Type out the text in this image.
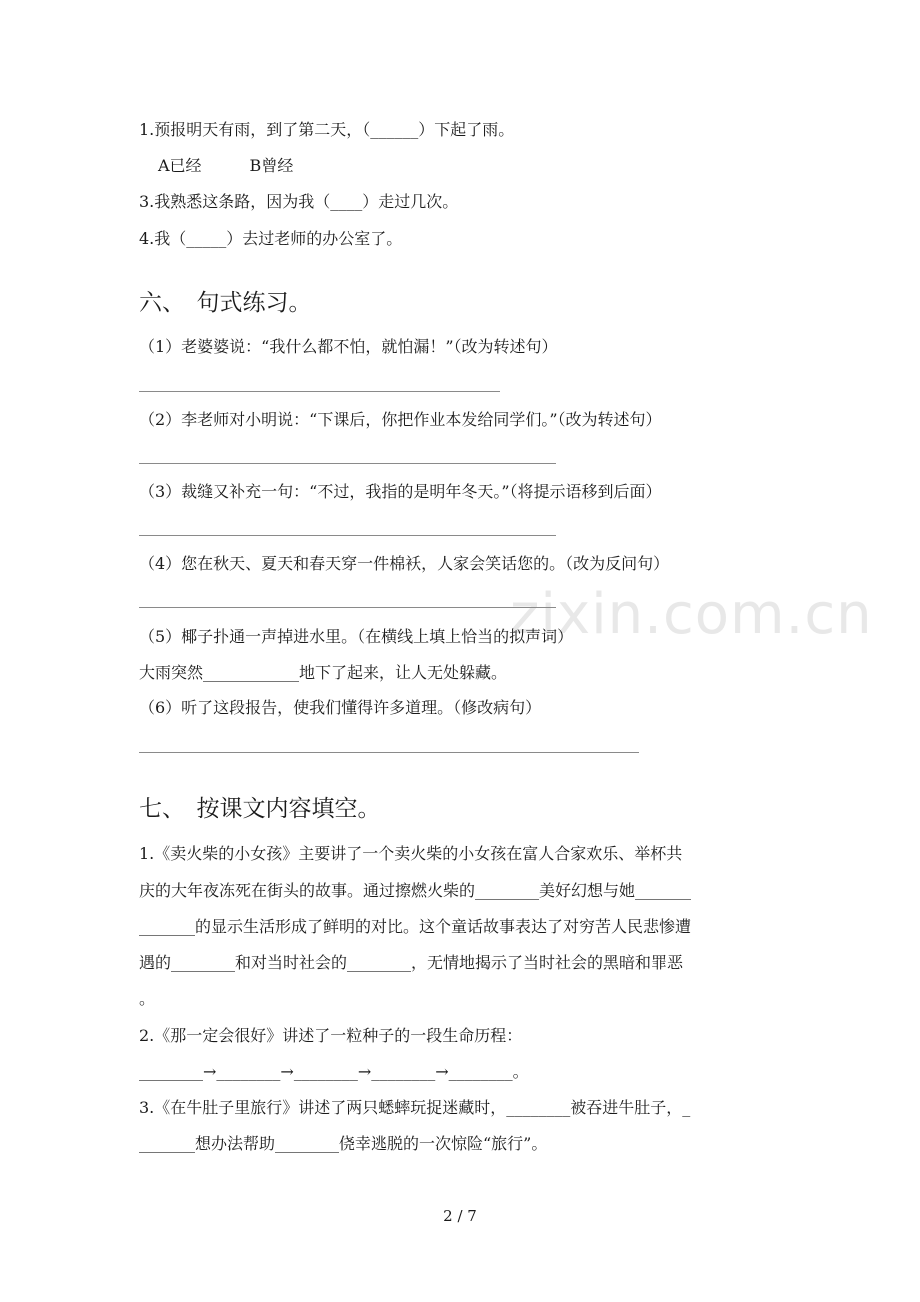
zixin.com.cn
1.预报明天有雨，到了第二天，（______）下起了雨。
A已经　　　B曾经
3.我熟悉这条路，因为我（____）走过几次。
4.我（_____）去过老师的办公室了。
六、　句式练习。
（1）老婆婆说：“我什么都不怕，就怕漏！”（改为转述句）
（2）李老师对小明说：“下课后，你把作业本发给同学们。”（改为转述句）
（3）裁缝又补充一句：“不过，我指的是明年冬天。”（将提示语移到后面）
（4）您在秋天、夏天和春天穿一件棉袄，人家会笑话您的。（改为反问句）
（5）椰子扑通一声掉进水里。（在横线上填上恰当的拟声词）
大雨突然____________地下了起来，让人无处躲藏。
（6）听了这段报告，使我们懂得许多道理。（修改病句）
七、　按课文内容填空。
1.《卖火柴的小女孩》主要讲了一个卖火柴的小女孩在富人合家欢乐、举杯共
庆的大年夜冻死在街头的故事。通过擦燃火柴的________美好幻想与她_______
_______的显示生活形成了鲜明的对比。这个童话故事表达了对穷苦人民悲惨遭
遇的________和对当时社会的________，无情地揭示了当时社会的黑暗和罪恶
。
2.《那一定会很好》讲述了一粒种子的一段生命历程：
________→________→________→________→________。
3.《在牛肚子里旅行》讲述了两只蟋蟀玩捉迷藏时，________被吞进牛肚子，_
_______想办法帮助________侥幸逃脱的一次惊险“旅行”。
2 / 7
